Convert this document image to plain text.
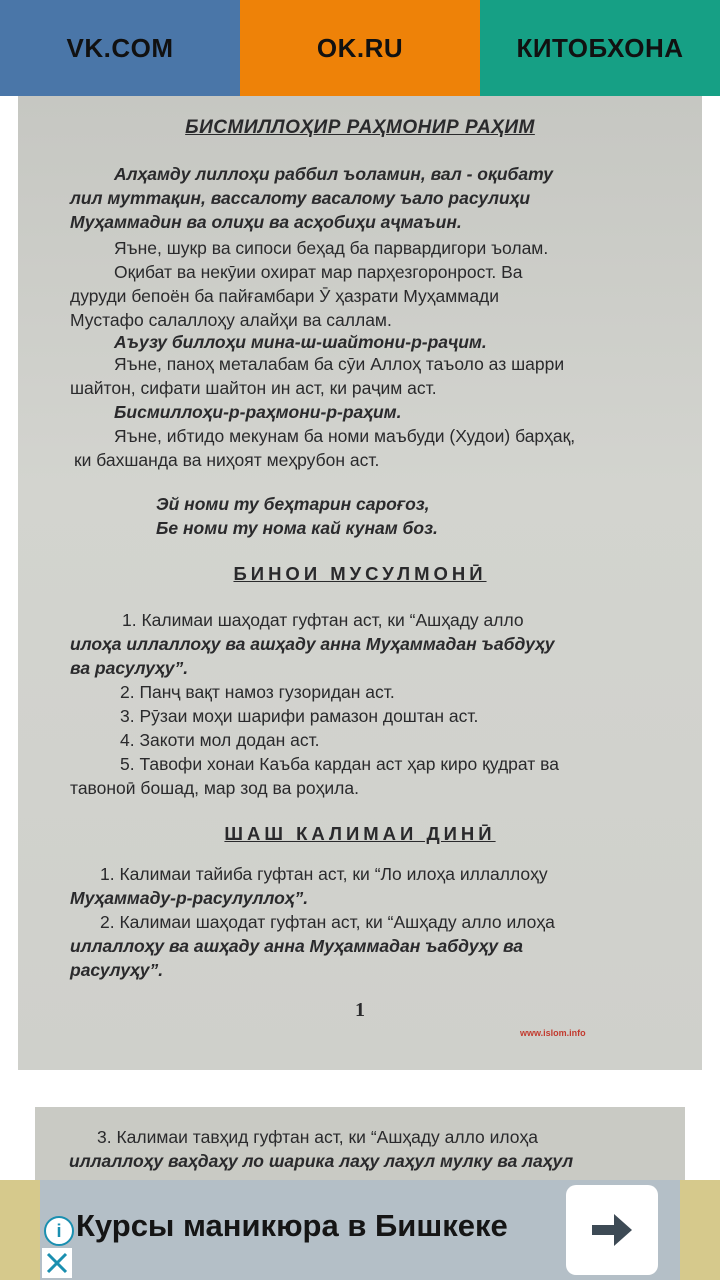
VK.COM	OK.RU	КИТОБХОНА
БИСМИЛЛОҲИР РАҲМОНИР РАҲИМ
Алҳамду лиллоҳи раббил ъоламин, вал - оқибату
лил муттақин, вассалоту васалому ъало расулиҳи
Муҳаммадин ва олиҳи ва асҳобиҳи аҷмаъин.
Яъне, шукр ва сипоси беҳад ба парвардигори ъолам.
Оқибат ва некӯии охират мар парҳезгоронрост. Ва
дуруди бепоён ба пайғамбари Ӯ ҳазрати Муҳаммади
Мустафо салаллоҳу алайҳи ва саллам.
Аъузу биллоҳи мина-ш-шайтони-р-раҷим.
Яъне, паноҳ металабам ба сӯи Аллоҳ таъоло аз шарри
шайтон, сифати шайтон ин аст, ки раҷим аст.
Бисмиллоҳи-р-раҳмони-р-раҳим.
Яъне, ибтидо мекунам ба номи маъбуди (Худои) барҳақ,
ки бахшанда ва ниҳоят меҳрубон аст.
Эй номи ту беҳтарин сароғоз,
Бе номи ту нома кай кунам боз.
БИНОИ МУСУЛМОНӢ
1. Калимаи шаҳодат гуфтан аст, ки “Ашҳаду алло
илоҳа иллаллоҳу ва ашҳаду анна Муҳаммадан ъабдуҳу
ва расулуҳу”.
2. Панҷ вақт намоз гузоридан аст.
3. Рӯзаи моҳи шарифи рамазон доштан аст.
4. Закоти мол додан аст.
5. Тавофи хонаи Каъба кардан аст ҳар киро қудрат ва
тавоноӣ бошад, мар зод ва роҳила.
ШАШ КАЛИМАИ ДИНӢ
1. Калимаи тайиба гуфтан аст, ки “Ло илоҳа иллаллоҳу
Муҳаммаду-р-расулуллоҳ”.
2. Калимаи шаҳодат гуфтан аст, ки “Ашҳаду алло илоҳа
иллаллоҳу ва ашҳаду анна Муҳаммадан ъабдуҳу ва
расулуҳу”.
1
www.islom.info
3. Калимаи тавҳид гуфтан аст, ки “Ашҳаду алло илоҳа
иллаллоҳу ваҳдаҳу ло шарика лаҳу лаҳул мулку ва лаҳул
i Курсы маникюра в Бишкеке
